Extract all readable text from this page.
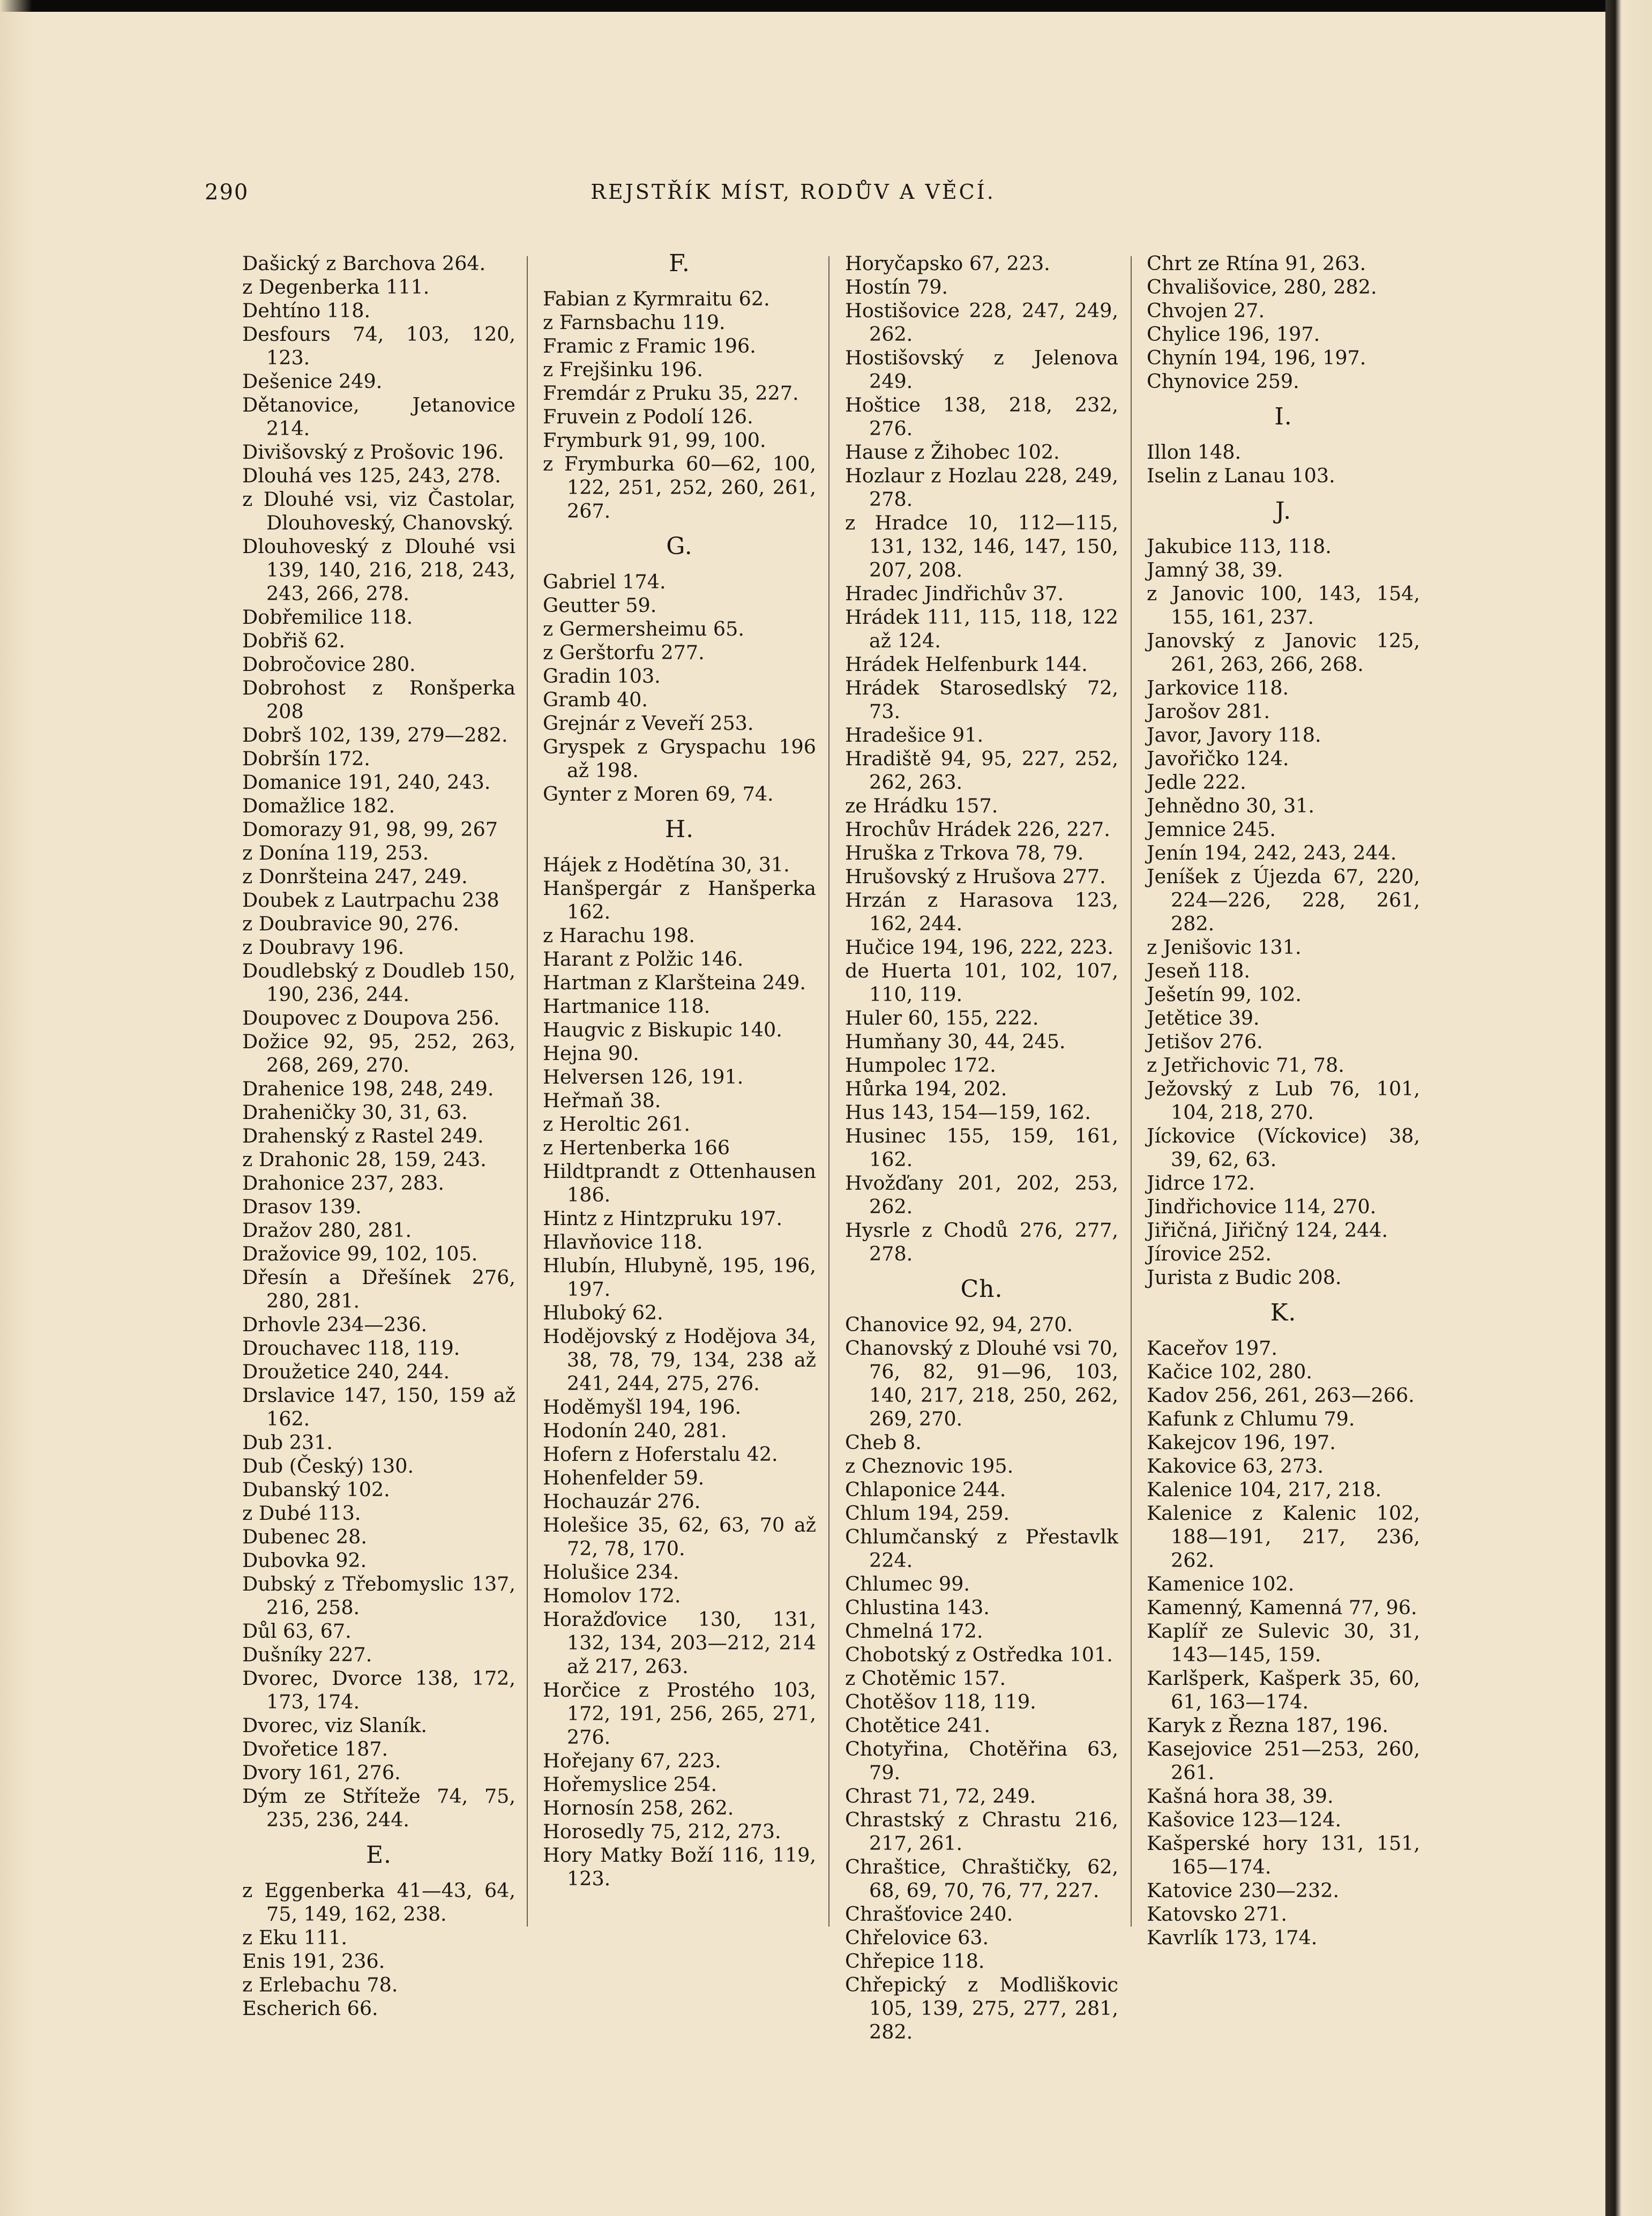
290	REJSTŘÍK MÍST, RODŮV A VĚCÍ.
Dašický z Barchova 264.
z Degenberka 111.
Dehtíno 118.
Desfours 74, 103, 120, 123.
Dešenice 249.
Dětanovice, Jetanovice 214.
Divišovský z Prošovic 196.
Dlouhá ves 125, 243, 278.
z Dlouhé vsi, viz Častolar, Dlouhoveský, Chanovský.
Dlouhoveský z Dlouhé vsi 139, 140, 216, 218, 243, 243, 266, 278.
Dobřemilice 118.
Dobřiš 62.
Dobročovice 280.
Dobrohost z Ronšperka 208
Dobrš 102, 139, 279—282.
Dobršín 172.
Domanice 191, 240, 243.
Domažlice 182.
Domorazy 91, 98, 99, 267
z Donína 119, 253.
z Donršteina 247, 249.
Doubek z Lautrpachu 238
z Doubravice 90, 276.
z Doubravy 196.
Doudlebský z Doudleb 150, 190, 236, 244.
Doupovec z Doupova 256.
Dožice 92, 95, 252, 263, 268, 269, 270.
Drahenice 198, 248, 249.
Draheničky 30, 31, 63.
Drahenský z Rastel 249.
z Drahonic 28, 159, 243.
Drahonice 237, 283.
Drasov 139.
Dražov 280, 281.
Dražovice 99, 102, 105.
Dřesín a Dřešínek 276, 280, 281.
Drhovle 234—236.
Drouchavec 118, 119.
Droužetice 240, 244.
Drslavice 147, 150, 159 až 162.
Dub 231.
Dub (Český) 130.
Dubanský 102.
z Dubé 113.
Dubenec 28.
Dubovka 92.
Dubský z Třebomyslic 137, 216, 258.
Důl 63, 67.
Dušníky 227.
Dvorec, Dvorce 138, 172, 173, 174.
Dvorec, viz Slaník.
Dvořetice 187.
Dvory 161, 276.
Dým ze Stříteže 74, 75, 235, 236, 244.
E.
z Eggenberka 41—43, 64, 75, 149, 162, 238.
z Eku 111.
Enis 191, 236.
z Erlebachu 78.
Escherich 66.
F.
Fabian z Kyrmraitu 62.
z Farnsbachu 119.
Framic z Framic 196.
z Frejšinku 196.
Fremdár z Pruku 35, 227.
Fruvein z Podolí 126.
Frymburk 91, 99, 100.
z Frymburka 60—62, 100, 122, 251, 252, 260, 261, 267.
G.
Gabriel 174.
Geutter 59.
z Germersheimu 65.
z Gerštorfu 277.
Gradin 103.
Gramb 40.
Grejnár z Veveří 253.
Gryspek z Gryspachu 196 až 198.
Gynter z Moren 69, 74.
H.
Hájek z Hodětína 30, 31.
Hanšpergár z Hanšperka 162.
z Harachu 198.
Harant z Polžic 146.
Hartman z Klaršteina 249.
Hartmanice 118.
Haugvic z Biskupic 140.
Hejna 90.
Helversen 126, 191.
Heřmaň 38.
z Heroltic 261.
z Hertenberka 166
Hildtprandt z Ottenhausen 186.
Hintz z Hintzpruku 197.
Hlavňovice 118.
Hlubín, Hlubyně, 195, 196, 197.
Hluboký 62.
Hodějovský z Hodějova 34, 38, 78, 79, 134, 238 až 241, 244, 275, 276.
Hoděmyšl 194, 196.
Hodonín 240, 281.
Hofern z Hoferstalu 42.
Hohenfelder 59.
Hochauzár 276.
Holešice 35, 62, 63, 70 až 72, 78, 170.
Holušice 234.
Homolov 172.
Horažďovice 130, 131, 132, 134, 203—212, 214 až 217, 263.
Horčice z Prostého 103, 172, 191, 256, 265, 271, 276.
Hořejany 67, 223.
Hořemyslice 254.
Hornosín 258, 262.
Horosedly 75, 212, 273.
Hory Matky Boží 116, 119, 123.
Horyčapsko 67, 223.
Hostín 79.
Hostišovice 228, 247, 249, 262.
Hostišovský z Jelenova 249.
Hoštice 138, 218, 232, 276.
Hause z Žihobec 102.
Hozlaur z Hozlau 228, 249, 278.
z Hradce 10, 112—115, 131, 132, 146, 147, 150, 207, 208.
Hradec Jindřichův 37.
Hrádek 111, 115, 118, 122 až 124.
Hrádek Helfenburk 144.
Hrádek Starosedlský 72, 73.
Hradešice 91.
Hradiště 94, 95, 227, 252, 262, 263.
ze Hrádku 157.
Hrochův Hrádek 226, 227.
Hruška z Trkova 78, 79.
Hrušovský z Hrušova 277.
Hrzán z Harasova 123, 162, 244.
Hučice 194, 196, 222, 223.
de Huerta 101, 102, 107, 110, 119.
Huler 60, 155, 222.
Humňany 30, 44, 245.
Humpolec 172.
Hůrka 194, 202.
Hus 143, 154—159, 162.
Husinec 155, 159, 161, 162.
Hvožďany 201, 202, 253, 262.
Hysrle z Chodů 276, 277, 278.
Ch.
Chanovice 92, 94, 270.
Chanovský z Dlouhé vsi 70, 76, 82, 91—96, 103, 140, 217, 218, 250, 262, 269, 270.
Cheb 8.
z Cheznovic 195.
Chlaponice 244.
Chlum 194, 259.
Chlumčanský z Přestavlk 224.
Chlumec 99.
Chlustina 143.
Chmelná 172.
Chobotský z Ostředka 101.
z Chotěmic 157.
Chotěšov 118, 119.
Chotětice 241.
Chotyřina, Chotěřina 63, 79.
Chrast 71, 72, 249.
Chrastský z Chrastu 216, 217, 261.
Chraštice, Chraštičky, 62, 68, 69, 70, 76, 77, 227.
Chrašťovice 240.
Chřelovice 63.
Chřepice 118.
Chřepický z Modliškovic 105, 139, 275, 277, 281, 282.
Chrt ze Rtína 91, 263.
Chvališovice, 280, 282.
Chvojen 27.
Chylice 196, 197.
Chynín 194, 196, 197.
Chynovice 259.
I.
Illon 148.
Iselin z Lanau 103.
J.
Jakubice 113, 118.
Jamný 38, 39.
z Janovic 100, 143, 154, 155, 161, 237.
Janovský z Janovic 125, 261, 263, 266, 268.
Jarkovice 118.
Jarošov 281.
Javor, Javory 118.
Javořičko 124.
Jedle 222.
Jehnědno 30, 31.
Jemnice 245.
Jenín 194, 242, 243, 244.
Jeníšek z Újezda 67, 220, 224—226, 228, 261, 282.
z Jenišovic 131.
Jeseň 118.
Ješetín 99, 102.
Jetětice 39.
Jetišov 276.
z Jetřichovic 71, 78.
Ježovský z Lub 76, 101, 104, 218, 270.
Jíckovice (Víckovice) 38, 39, 62, 63.
Jidrce 172.
Jindřichovice 114, 270.
Jiřičná, Jiřičný 124, 244.
Jírovice 252.
Jurista z Budic 208.
K.
Kaceřov 197.
Kačice 102, 280.
Kadov 256, 261, 263—266.
Kafunk z Chlumu 79.
Kakejcov 196, 197.
Kakovice 63, 273.
Kalenice 104, 217, 218.
Kalenice z Kalenic 102, 188—191, 217, 236, 262.
Kamenice 102.
Kamenný, Kamenná 77, 96.
Kaplíř ze Sulevic 30, 31, 143—145, 159.
Karlšperk, Kašperk 35, 60, 61, 163—174.
Karyk z Řezna 187, 196.
Kasejovice 251—253, 260, 261.
Kašná hora 38, 39.
Kašovice 123—124.
Kašperské hory 131, 151, 165—174.
Katovice 230—232.
Katovsko 271.
Kavrlík 173, 174.
